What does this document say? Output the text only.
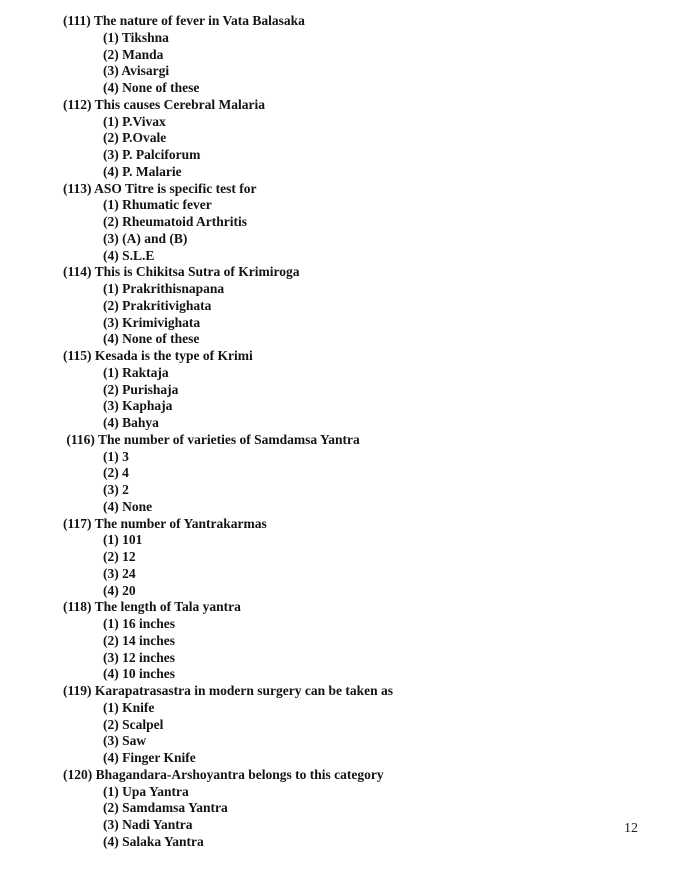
(111) The nature of fever in Vata Balasaka
(1) Tikshna
(2) Manda
(3) Avisargi
(4) None of these
(112) This causes Cerebral Malaria
(1) P.Vivax
(2) P.Ovale
(3) P. Palciforum
(4) P. Malarie
(113) ASO Titre is specific test for
(1) Rhumatic fever
(2) Rheumatoid Arthritis
(3) (A) and (B)
(4) S.L.E
(114) This is Chikitsa Sutra of Krimiroga
(1) Prakrithisnapana
(2) Prakritivighata
(3) Krimivighata
(4) None of these
(115) Kesada is the type of Krimi
(1) Raktaja
(2) Purishaja
(3) Kaphaja
(4) Bahya
(116) The number of varieties of Samdamsa Yantra
(1) 3
(2) 4
(3) 2
(4) None
(117) The number of Yantrakarmas
(1) 101
(2) 12
(3) 24
(4) 20
(118) The length of Tala yantra
(1) 16 inches
(2) 14 inches
(3) 12 inches
(4) 10 inches
(119) Karapatrasastra in modern surgery can be taken as
(1) Knife
(2) Scalpel
(3) Saw
(4) Finger Knife
(120) Bhagandara-Arshoyantra belongs to this category
(1) Upa Yantra
(2) Samdamsa Yantra
(3) Nadi Yantra
(4) Salaka Yantra
12
